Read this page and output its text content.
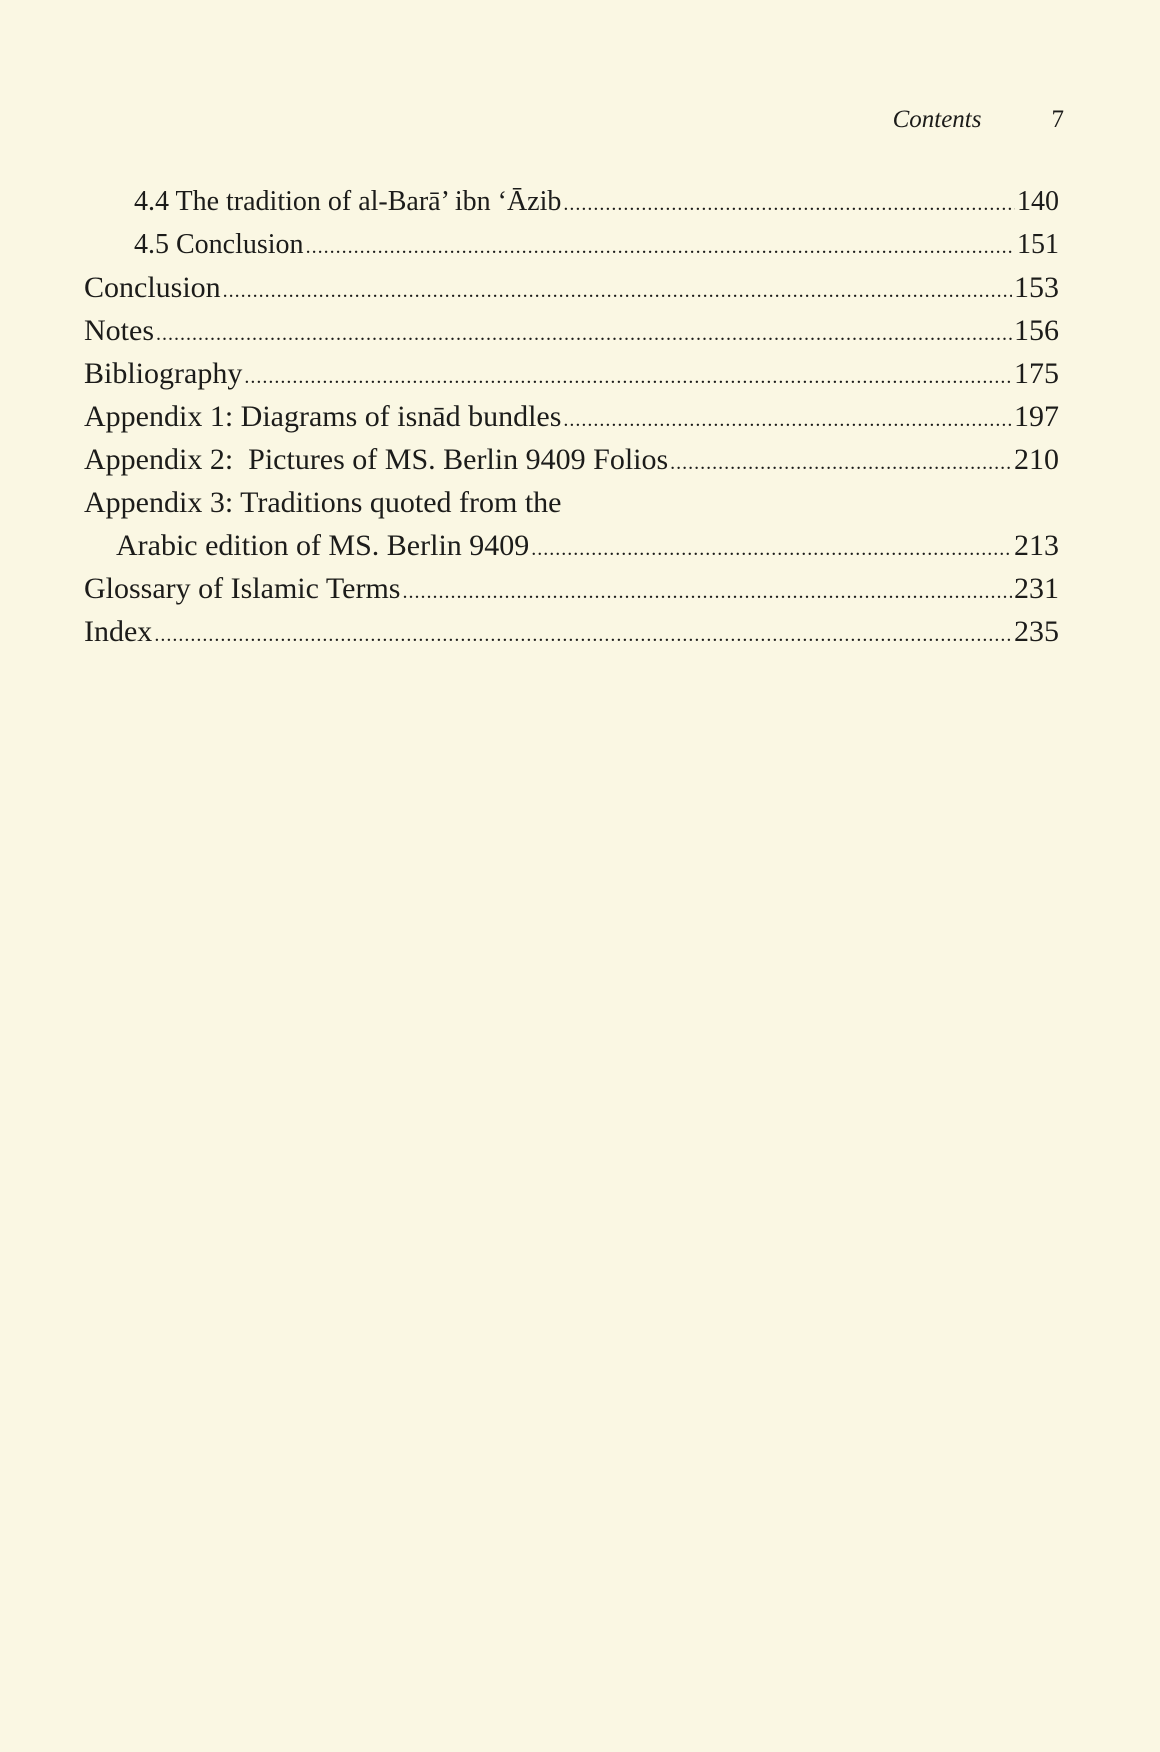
Contents	7
4.4 The tradition of al-Barā’ ibn ‘Āzib .....	140
4.5 Conclusion .....	151
Conclusion .....	153
Notes .....	156
Bibliography .....	175
Appendix 1: Diagrams of isnād bundles .....	197
Appendix 2:  Pictures of MS. Berlin 9409 Folios .....	210
Appendix 3: Traditions quoted from the
Arabic edition of MS. Berlin 9409 .....	213
Glossary of Islamic Terms .....	231
Index .....	235
